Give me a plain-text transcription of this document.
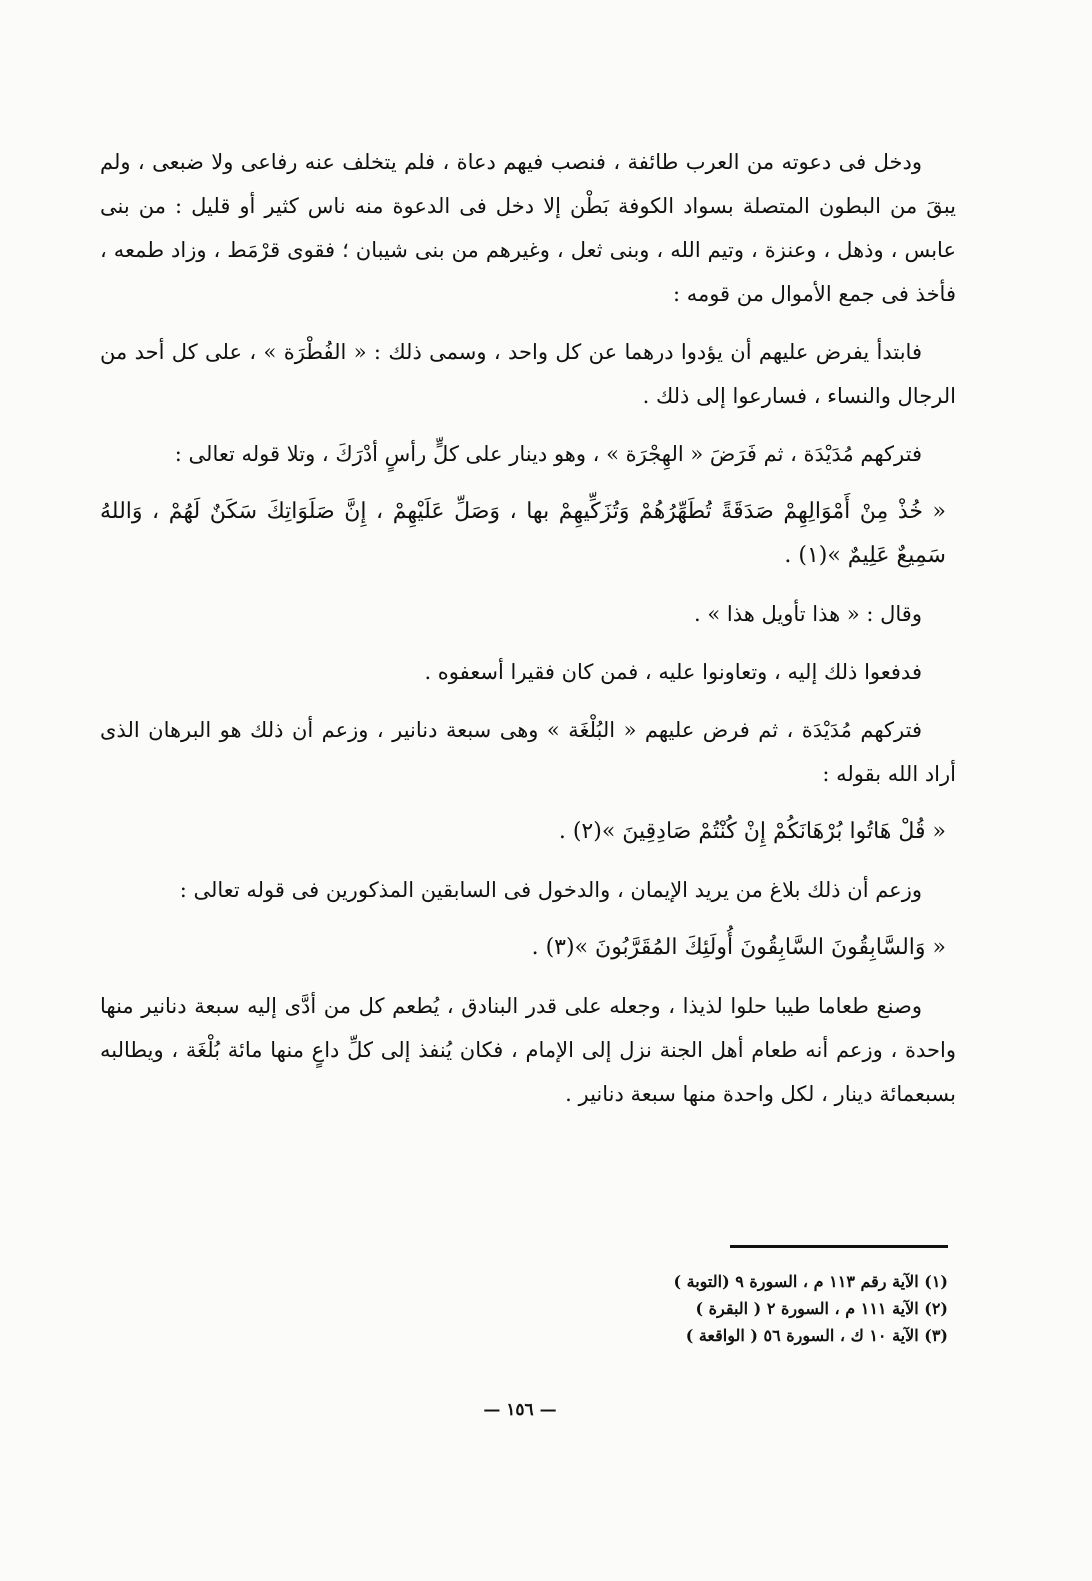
ودخل فى دعوته من العرب طائفة ، فنصب فيهم دعاة ، فلم يتخلف عنه رفاعى ولا ضبعى ، ولم يبقَ من البطون المتصلة بسواد الكوفة بَطْن إلا دخل فى الدعوة منه ناس كثير أو قليل : من بنى عابس ، وذهل ، وعنزة ، وتيم الله ، وبنى ثعل ، وغيرهم من بنى شيبان ؛ فقوى قرْمَط ، وزاد طمعه ، فأخذ فى جمع الأموال من قومه :

فابتدأ يفرض عليهم أن يؤدوا درهما عن كل واحد ، وسمى ذلك : « الفُطْرَة » ، على كل أحد من الرجال والنساء ، فسارعوا إلى ذلك .

فتركهم مُدَيْدَة ، ثم فَرَضَ « الهِجْرَة » ، وهو دينار على كلٍّ رأسٍ أدْرَكَ ، وتلا قوله تعالى :

« خُذْ مِنْ أَمْوَالِهِمْ صَدَقَةً تُطَهِّرُهُمْ وَتُزَكِّيهِمْ بها ، وَصَلِّ عَلَيْهِمْ ، إِنَّ صَلَوَاتِكَ سَكَنٌ لَهُمْ ، وَاللهُ سَمِيعٌ عَلِيمٌ »(١) .

وقال : « هذا تأويل هذا » .

فدفعوا ذلك إليه ، وتعاونوا عليه ، فمن كان فقيرا أسعفوه .

فتركهم مُدَيْدَة ، ثم فرض عليهم « البُلْغَة » وهى سبعة دنانير ، وزعم أن ذلك هو البرهان الذى أراد الله بقوله :

« قُلْ هَاتُوا بُرْهَانَكُمْ إِنْ كُنْتُمْ صَادِقِينَ »(٢) .

وزعم أن ذلك بلاغ من يريد الإيمان ، والدخول فى السابقين المذكورين فى قوله تعالى :

« وَالسَّابِقُونَ السَّابِقُونَ أُولَئِكَ المُقَرَّبُونَ »(٣) .

وصنع طعاما طيبا حلوا لذيذا ، وجعله على قدر البنادق ، يُطعم كل من أدَّى إليه سبعة دنانير منها واحدة ، وزعم أنه طعام أهل الجنة نزل إلى الإمام ، فكان يُنفذ إلى كلِّ داعٍ منها مائة بُلْغَة ، ويطالبه بسبعمائة دينار ، لكل واحدة منها سبعة دنانير .

(١) الآية رقم ١١٣ م ، السورة ٩ (التوبة )

(٢) الآية ١١١ م ، السورة ٢ ( البقرة )

(٣) الآية ١٠ ك ، السورة ٥٦ ( الواقعة )

— ١٥٦ —
